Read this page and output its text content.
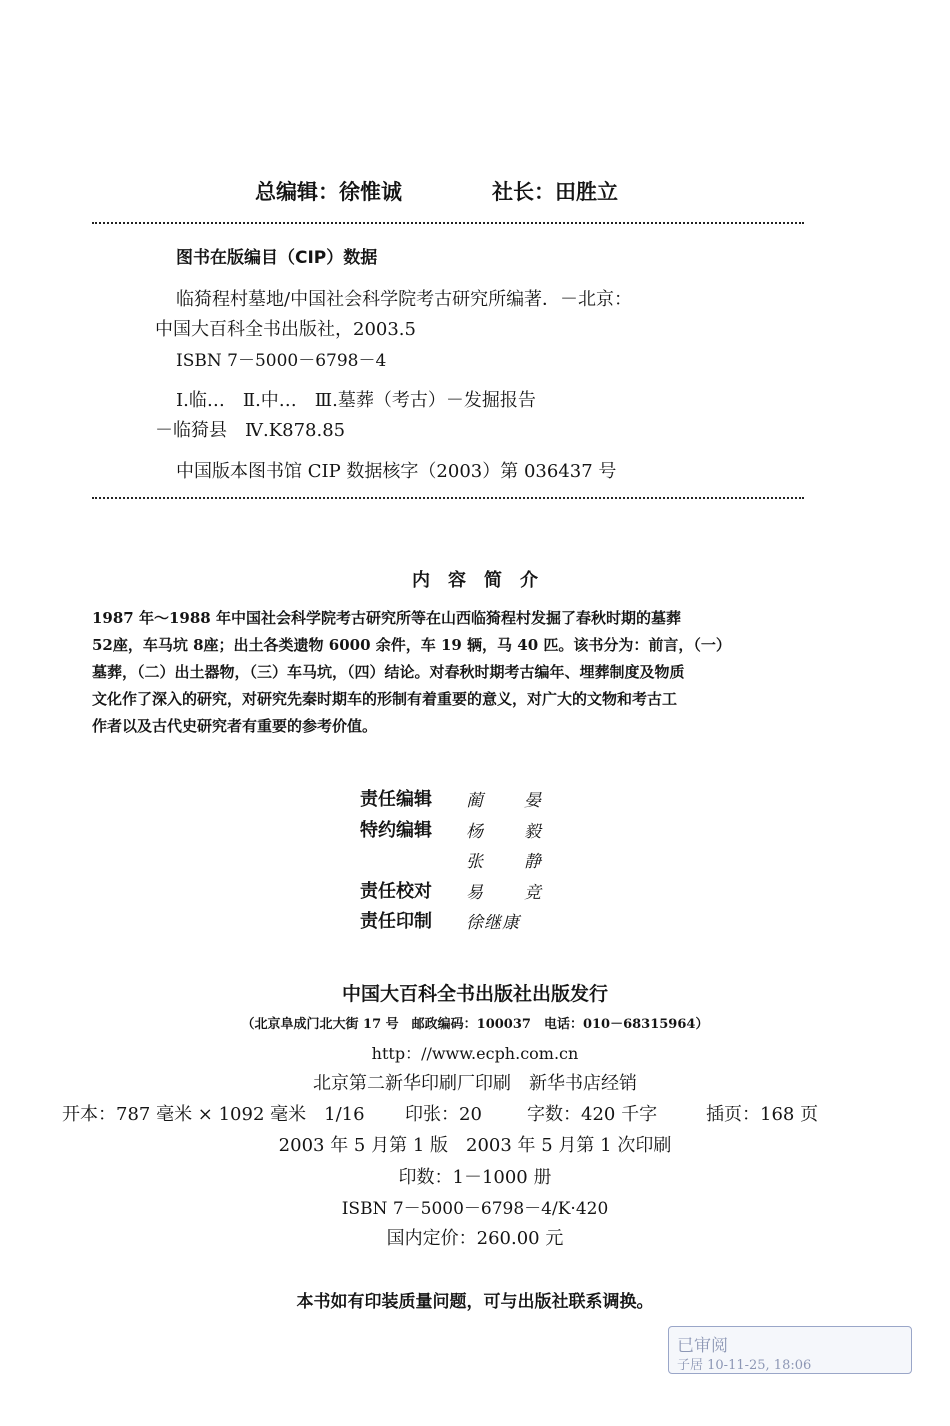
总编辑：徐惟诚	社长：田胜立
图书在版编目（CIP）数据
临猗程村墓地/中国社会科学院考古研究所编著．－北京：
中国大百科全书出版社，2003.5
ISBN 7－5000－6798－4
Ⅰ.临…　Ⅱ.中…　Ⅲ.墓葬（考古）－发掘报告
－临猗县　Ⅳ.K878.85
中国版本图书馆 CIP 数据核字（2003）第 036437 号
内　容　简　介
1987 年～1988 年中国社会科学院考古研究所等在山西临猗程村发掘了春秋时期的墓葬
52座，车马坑 8座；出土各类遗物 6000 余件，车 19 辆，马 40 匹。该书分为：前言，（一）
墓葬，（二）出土器物，（三）车马坑，（四）结论。对春秋时期考古编年、埋葬制度及物质
文化作了深入的研究，对研究先秦时期车的形制有着重要的意义，对广大的文物和考古工
作者以及古代史研究者有重要的参考价值。
责任编辑 蔺　晏
特约编辑 杨　毅
张　静
责任校对 易　竞
责任印制 徐继康
中国大百科全书出版社出版发行
（北京阜成门北大街 17 号　邮政编码：100037　电话：010－68315964）
http：//www.ecph.com.cn
北京第二新华印刷厂印刷　新华书店经销
开本：787 毫米 × 1092 毫米　1/16 印张：20	字数：420 千字	插页：168 页
2003 年 5 月第 1 版　2003 年 5 月第 1 次印刷
印数：1－1000 册
ISBN 7－5000－6798－4/K·420
国内定价：260.00 元
本书如有印装质量问题，可与出版社联系调换。
已审阅
子居 10-11-25, 18:06
